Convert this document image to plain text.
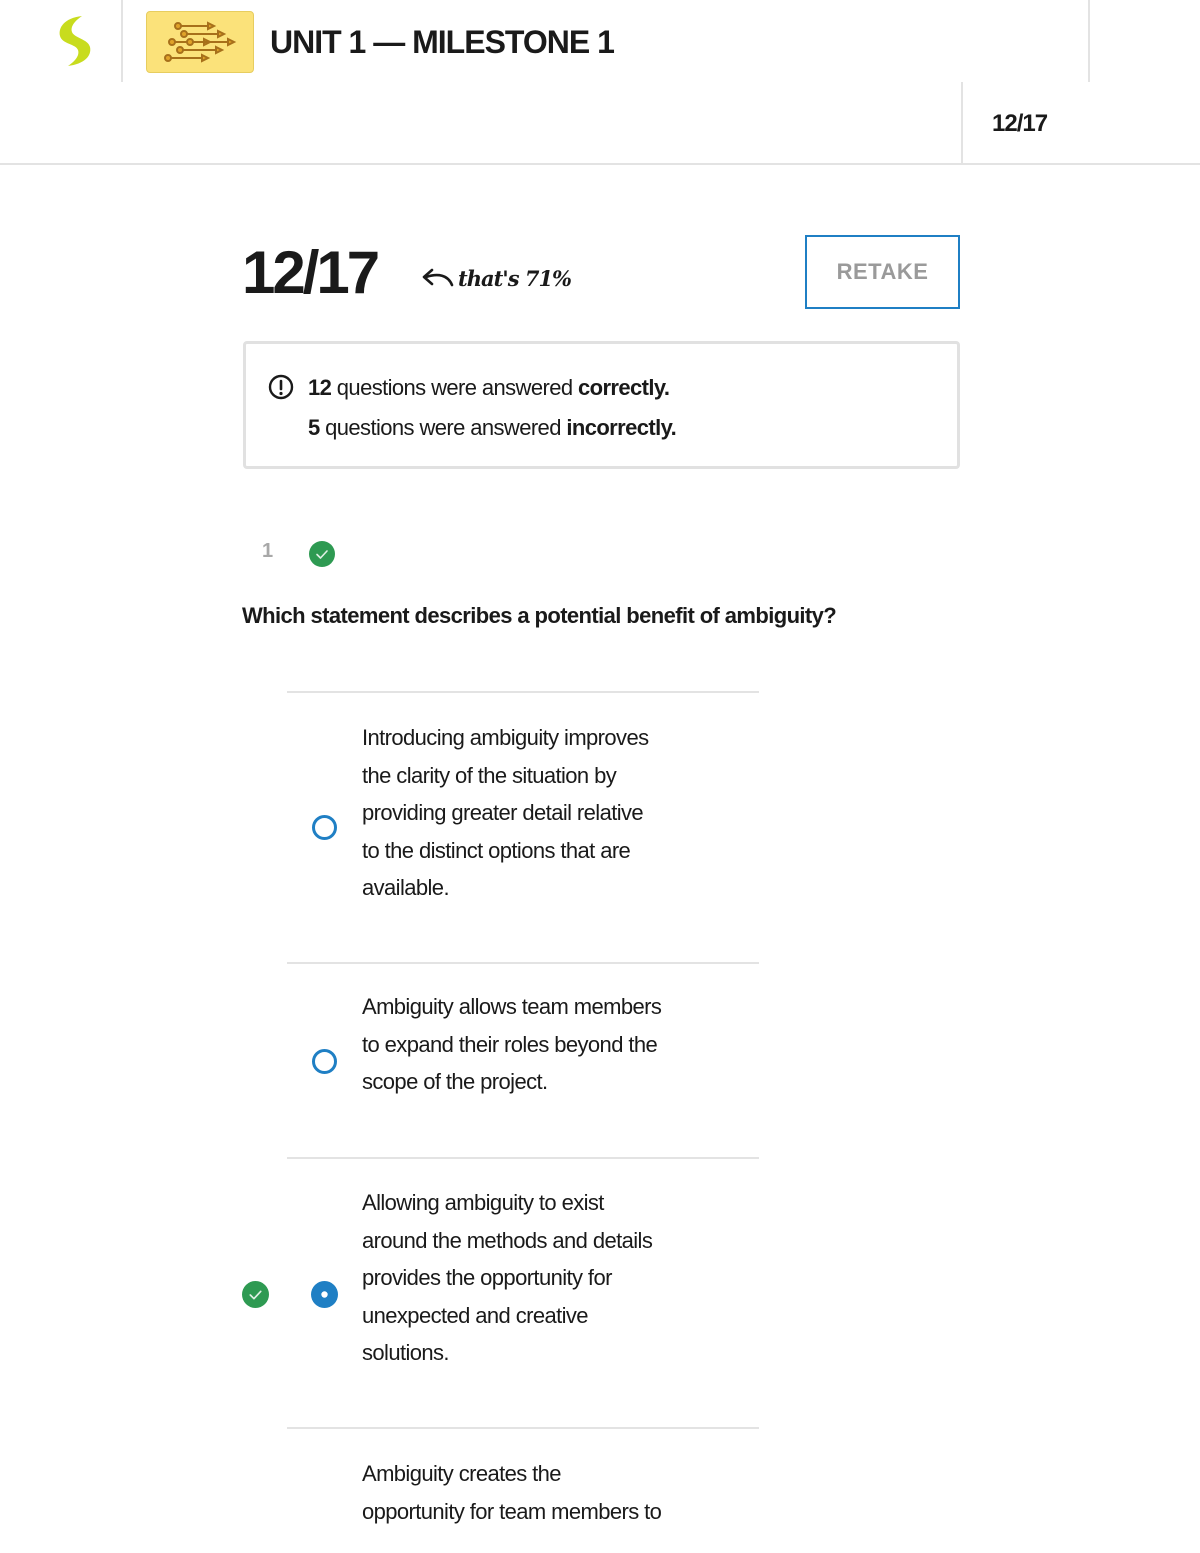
UNIT 1 — MILESTONE 1
12/17
12/17	that's 71%	RETAKE
12 questions were answered correctly.
5 questions were answered incorrectly.
1

Which statement describes a potential benefit of ambiguity?

Introducing ambiguity improves
the clarity of the situation by
providing greater detail relative
to the distinct options that are
available.
Ambiguity allows team members
to expand their roles beyond the
scope of the project.
Allowing ambiguity to exist
around the methods and details
provides the opportunity for
unexpected and creative
solutions.
Ambiguity creates the
opportunity for team members to
